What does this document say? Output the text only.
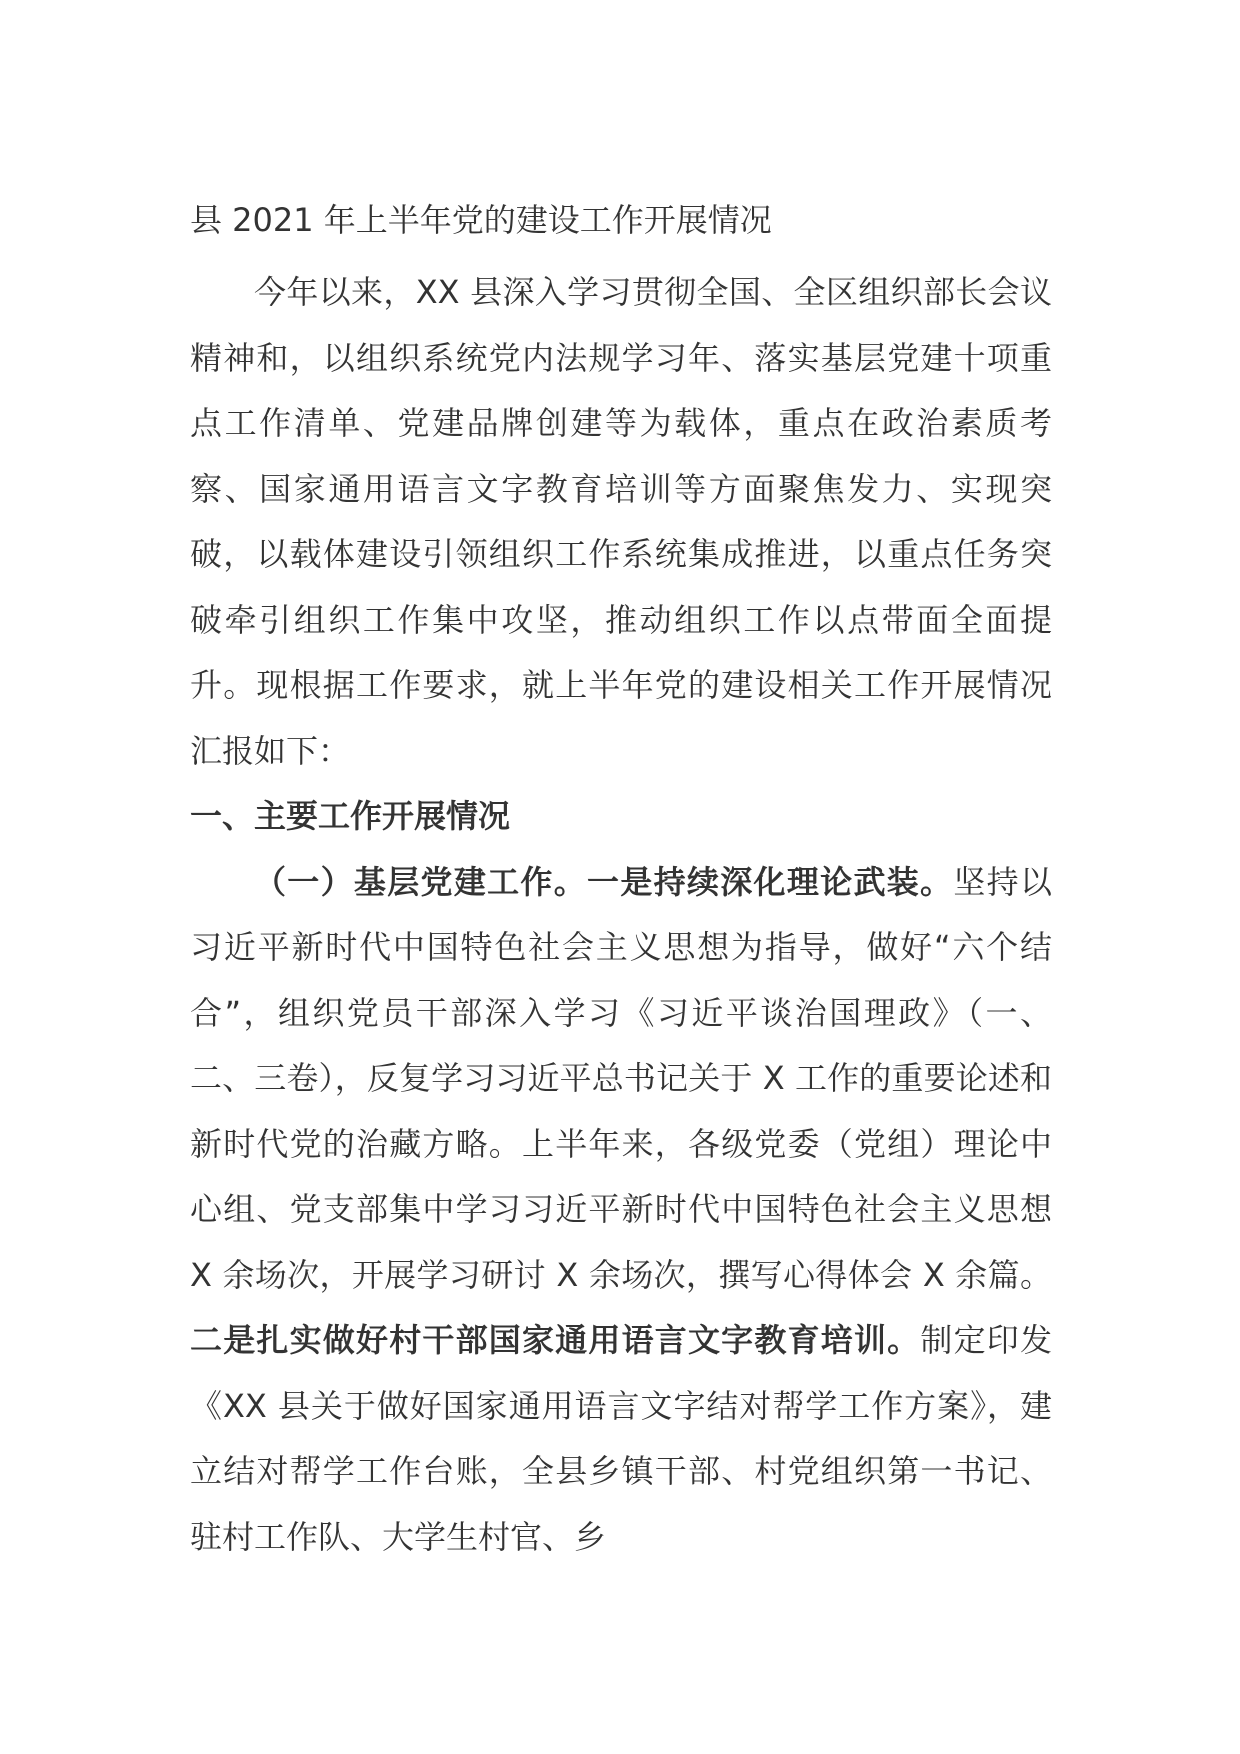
县 2021 年上半年党的建设工作开展情况

今年以来，XX 县深入学习贯彻全国、全区组织部长会议精神和，以组织系统党内法规学习年、落实基层党建十项重点工作清单、党建品牌创建等为载体，重点在政治素质考察、国家通用语言文字教育培训等方面聚焦发力、实现突破，以载体建设引领组织工作系统集成推进，以重点任务突破牵引组织工作集中攻坚，推动组织工作以点带面全面提升。现根据工作要求，就上半年党的建设相关工作开展情况汇报如下：

一、主要工作开展情况

（一）基层党建工作。一是持续深化理论武装。坚持以习近平新时代中国特色社会主义思想为指导，做好“六个结合”，组织党员干部深入学习《习近平谈治国理政》（一、二、三卷），反复学习习近平总书记关于 X 工作的重要论述和新时代党的治藏方略。上半年来，各级党委（党组）理论中心组、党支部集中学习习近平新时代中国特色社会主义思想 X 余场次，开展学习研讨 X 余场次，撰写心得体会 X 余篇。二是扎实做好村干部国家通用语言文字教育培训。制定印发《XX 县关于做好国家通用语言文字结对帮学工作方案》，建立结对帮学工作台账，全县乡镇干部、村党组织第一书记、驻村工作队、大学生村官、乡
